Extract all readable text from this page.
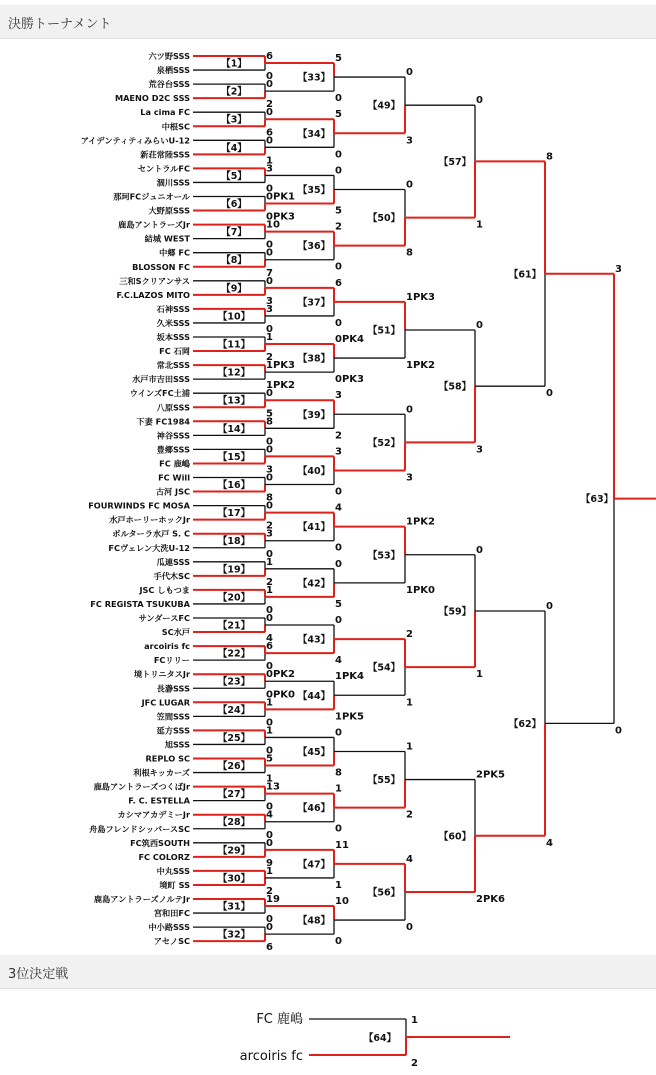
決勝トーナメント
六ツ野SSS
泉栖SSS
荒谷台SSS
MAENO D2C SSS
La cima FC
中根SC
アイデンティティみらいU-12
新荘常陸SSS
セントラルFC
涸川SSS
那珂FCジュニオール
大野原SSS
鹿島アントラーズJr
結城 WEST
中郷 FC
BLOSSON FC
三和Sクリアンサス
F.C.LAZOS MITO
石神SSS
久米SSS
坂本SSS
FC 石岡
常北SSS
水戸市吉田SSS
ウインズFC土浦
八原SSS
下妻 FC1984
神谷SSS
豊郷SSS
FC 鹿嶋
FC Will
古河 JSC
FOURWINDS FC MOSA
水戸ホーリーホックJr
ボルターラ水戸 S. C
FCヴェレン大洗U-12
瓜連SSS
手代木SC
JSC しもつま
FC REGISTA TSUKUBA
サンダースFC
SC水戸
arcoiris fc
FCリリー
境トリニタスJr
長瀞SSS
JFC LUGAR
笠間SSS
延方SSS
旭SSS
REPLO SC
利根キッカーズ
鹿島アントラーズつくばJr
F. C. ESTELLA
カシマアカデミーJr
舟島フレンドシッパースSC
FC筑西SOUTH
FC COLORZ
中丸SSS
境町 SS
鹿島アントラーズノルテJr
宮和田FC
中小路SSS
アセノSC
6
0
【1】
0
2
【2】
0
6
【3】
0
1
【4】
3
0
【5】
0PK1
0PK3
【6】
10
0
【7】
0
7
【8】
0
3
【9】
3
0
【10】
1
2
【11】
1PK3
1PK2
【12】
0
5
【13】
8
0
【14】
0
3
【15】
0
8
【16】
0
2
【17】
3
0
【18】
1
2
【19】
1
0
【20】
0
4
【21】
6
0
【22】
0PK2
0PK0
【23】
1
0
【24】
1
0
【25】
5
1
【26】
13
0
【27】
4
0
【28】
0
9
【29】
1
2
【30】
19
0
【31】
0
6
【32】
5
0
【33】
5
0
【34】
0
5
【35】
2
0
【36】
6
0
【37】
0PK4
0PK3
【38】
3
2
【39】
3
0
【40】
4
0
【41】
0
5
【42】
0
4
【43】
1PK4
1PK5
【44】
0
8
【45】
1
0
【46】
11
1
【47】
10
0
【48】
0
3
【49】
0
8
【50】
1PK3
1PK2
【51】
0
3
【52】
1PK2
1PK0
【53】
2
1
【54】
1
2
【55】
4
0
【56】
0
1
【57】
0
3
【58】
0
1
【59】
2PK5
2PK6
【60】
8
0
【61】
0
4
【62】
3
0
【63】
3位決定戦
FC 鹿嶋
arcoiris fc
1
2
【64】
